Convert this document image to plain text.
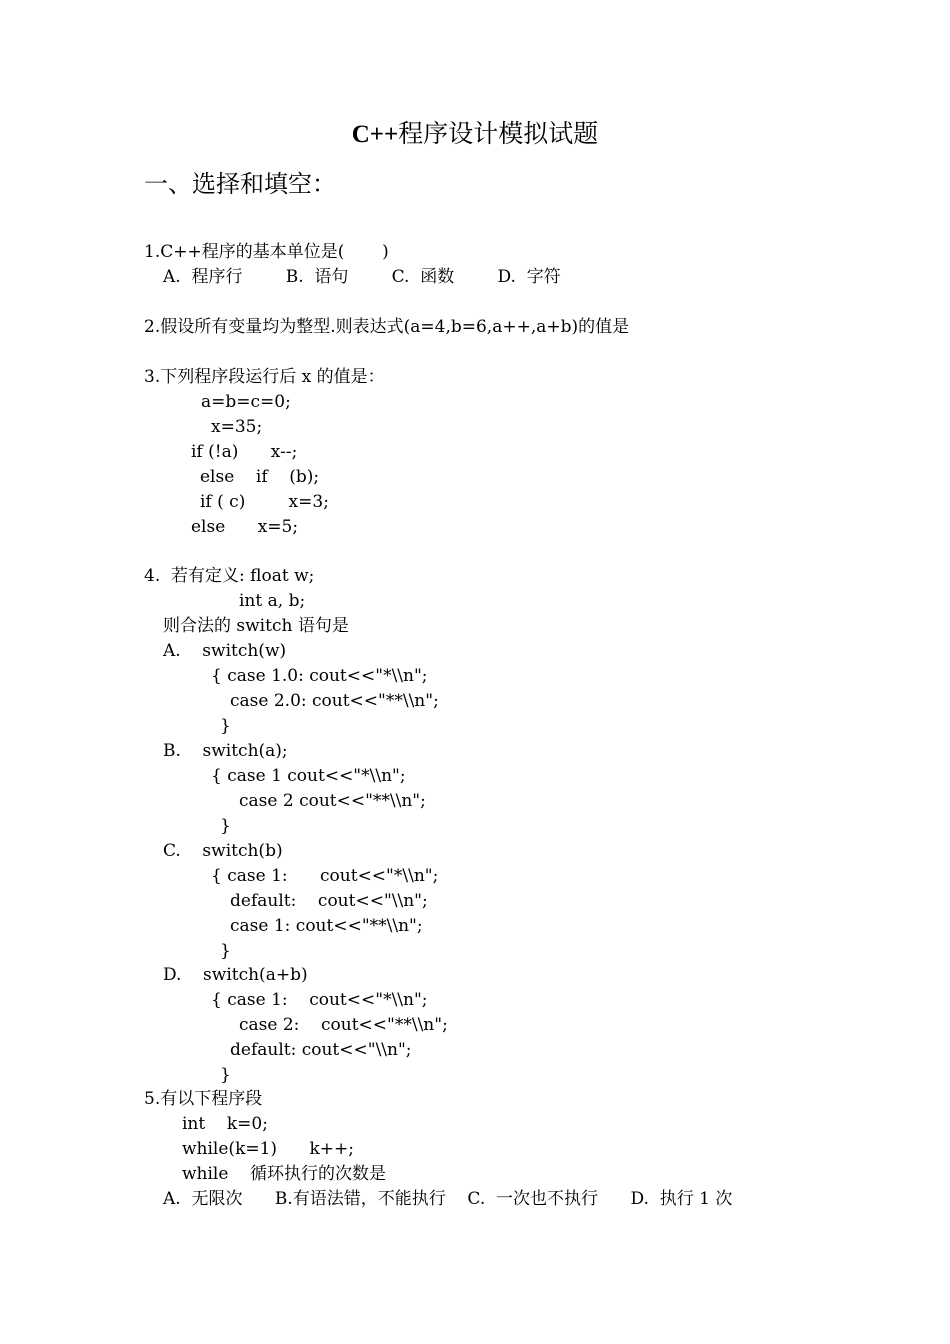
C++程序设计模拟试题
一、选择和填空：
1.C++程序的基本单位是(       )
A.  程序行        B.  语句        C.  函数        D.  字符
2.假设所有变量均为整型.则表达式(a=4,b=6,a++,a+b)的值是
3.下列程序段运行后 x 的值是：
a=b=c=0;
x=35;
if (!a)      x--;
else    if    (b);
if ( c)        x=3;
else      x=5;
4.  若有定义: float w;
int a, b;
则合法的 switch 语句是
A.    switch(w)
{ case 1.0: cout<<"*\\n";
case 2.0: cout<<"**\\n";
}
B.    switch(a);
{ case 1 cout<<"*\\n";
case 2 cout<<"**\\n";
}
C.    switch(b)
{ case 1:      cout<<"*\\n";
default:    cout<<"\\n";
case 1: cout<<"**\\n";
}
D.    switch(a+b)
{ case 1:    cout<<"*\\n";
case 2:    cout<<"**\\n";
default: cout<<"\\n";
}
5.有以下程序段
int    k=0;
while(k=1)      k++;
while    循环执行的次数是
A.  无限次      B.有语法错，不能执行    C.  一次也不执行      D.  执行 1 次
